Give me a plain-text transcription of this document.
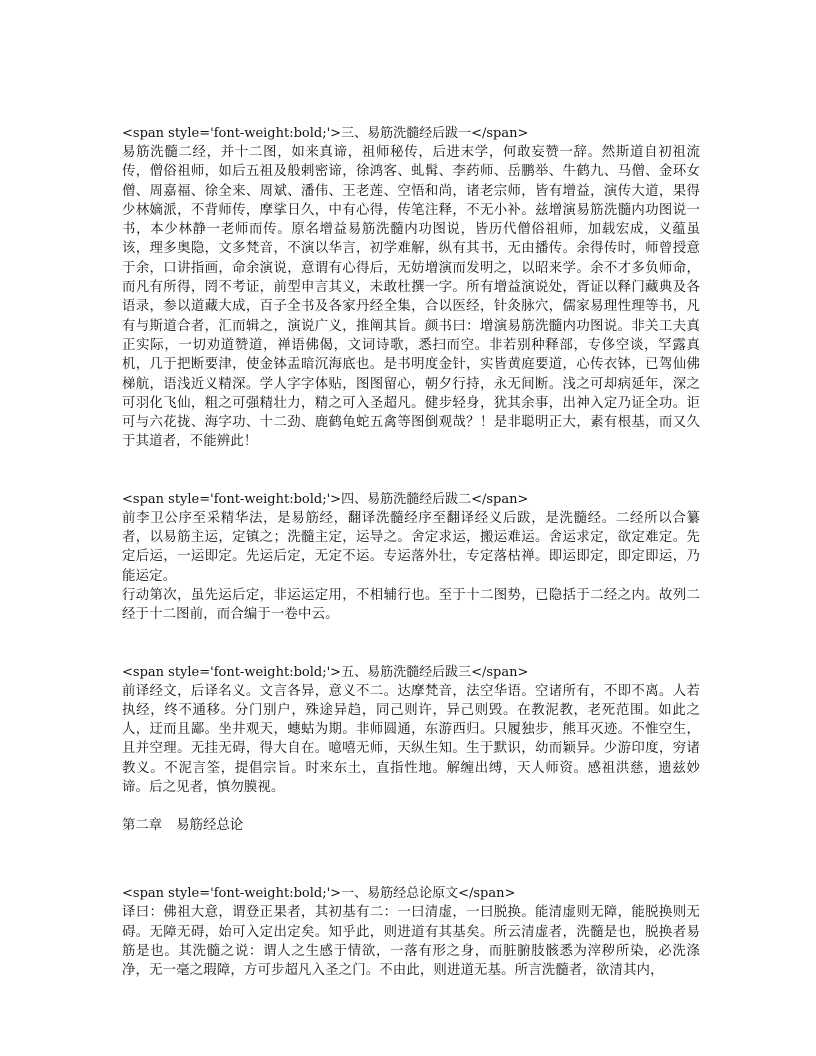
<span style='font-weight:bold;'>三、易筋洗髓经后跋一</span>

易筋洗髓二经，并十二图，如来真谛，祖师秘传，后进末学，何敢妄赞一辞。然斯道自初祖流传，僧俗祖师，如后五祖及般剌密谛，徐鸿客、虬髯、李药师、岳鹏举、牛鹤九、马僧、金环女僧、周嘉福、徐全来、周斌、潘伟、王老莲、空悟和尚，诸老宗师，皆有增益，演传大道，果得少林嫡派，不背师传，摩挲日久，中有心得，传笔注释，不无小补。兹增演易筋洗髓内功图说一书，本少林静一老师而传。原名增益易筋洗髓内功图说，皆历代僧俗祖师，加载宏成，义蕴虽该，理多奥隐，文多梵音，不演以华言，初学难解，纵有其书，无由播传。余得传时，师曾授意于余，口讲指画，命余演说，意谓有心得后，无妨增演而发明之，以昭来学。余不才多负师命，而凡有所得，罔不考证，前型申言其义，未敢杜撰一字。所有增益演说处，胥证以释门藏典及各语录，参以道藏大成，百子全书及各家丹经全集，合以医经，针灸脉穴，儒家易理性理等书，凡有与斯道合者，汇而辑之，演说广义，推阐其旨。颜书曰：增演易筋洗髓内功图说。非关工夫真正实际，一切劝道赞道，禅语佛偈，文词诗歌，悉扫而空。非若别种释部，专侈空谈，罕露真机，几于把断要津，使金钵盂暗沉海底也。是书明度金针，实皆黄庭要道，心传衣钵，已驾仙佛梯航，语浅近义精深。学人字字体贴，图图留心，朝夕行持，永无间断。浅之可却病延年，深之可羽化飞仙，粗之可强精壮力，精之可入圣超凡。健步轻身，犹其余事，出神入定乃证全功。讵可与六花拢、海字功、十二劲、鹿鹤龟蛇五禽等图倒观哉？！是非聪明正大，素有根基，而又久于其道者，不能辨此！

<span style='font-weight:bold;'>四、易筋洗髓经后跋二</span>

前李卫公序至采精华法，是易筋经，翻译洗髓经序至翻译经义后跋，是洗髓经。二经所以合纂者，以易筋主运，定镇之；洗髓主定，运导之。舍定求运，搬运难运。舍运求定，欲定难定。先定后运，一运即定。先运后定，无定不运。专运落外壮，专定落枯禅。即运即定，即定即运，乃能运定。

行动第次，虽先运后定，非运运定用，不相辅行也。至于十二图势，已隐括于二经之内。故列二经于十二图前，而合编于一卷中云。

<span style='font-weight:bold;'>五、易筋洗髓经后跋三</span>

前译经文，后译名义。文言各异，意义不二。达摩梵音，法空华语。空诸所有，不即不离。人若执经，终不通移。分门别户，殊途异趋，同己则许，异己则毁。在教泥教，老死范围。如此之人，迂而且鄙。坐井观天，蟪蛄为期。非师圆通，东游西归。只履独步，熊耳灭迹。不惟空生，且并空理。无挂无碍，得大自在。噫嘻无师，天纵生知。生于默识，幼而颖异。少游印度，穷诸教义。不泥言筌，提倡宗旨。时来东土，直指性地。解缠出缚，天人师资。感祖洪慈，遗兹妙谛。后之见者，慎勿膜视。

第二章 易筋经总论

<span style='font-weight:bold;'>一、易筋经总论原文</span>

译曰：佛祖大意，谓登正果者，其初基有二：一曰清虚，一曰脱换。能清虚则无障，能脱换则无碍。无障无碍，始可入定出定矣。知乎此，则进道有其基矣。所云清虚者，洗髓是也，脱换者易筋是也。其洗髓之说：谓人之生感于情欲，一落有形之身，而脏腑肢骸悉为滓秽所染，必洗涤净，无一毫之瑕障，方可步超凡入圣之门。不由此，则进道无基。所言洗髓者，欲清其内，
